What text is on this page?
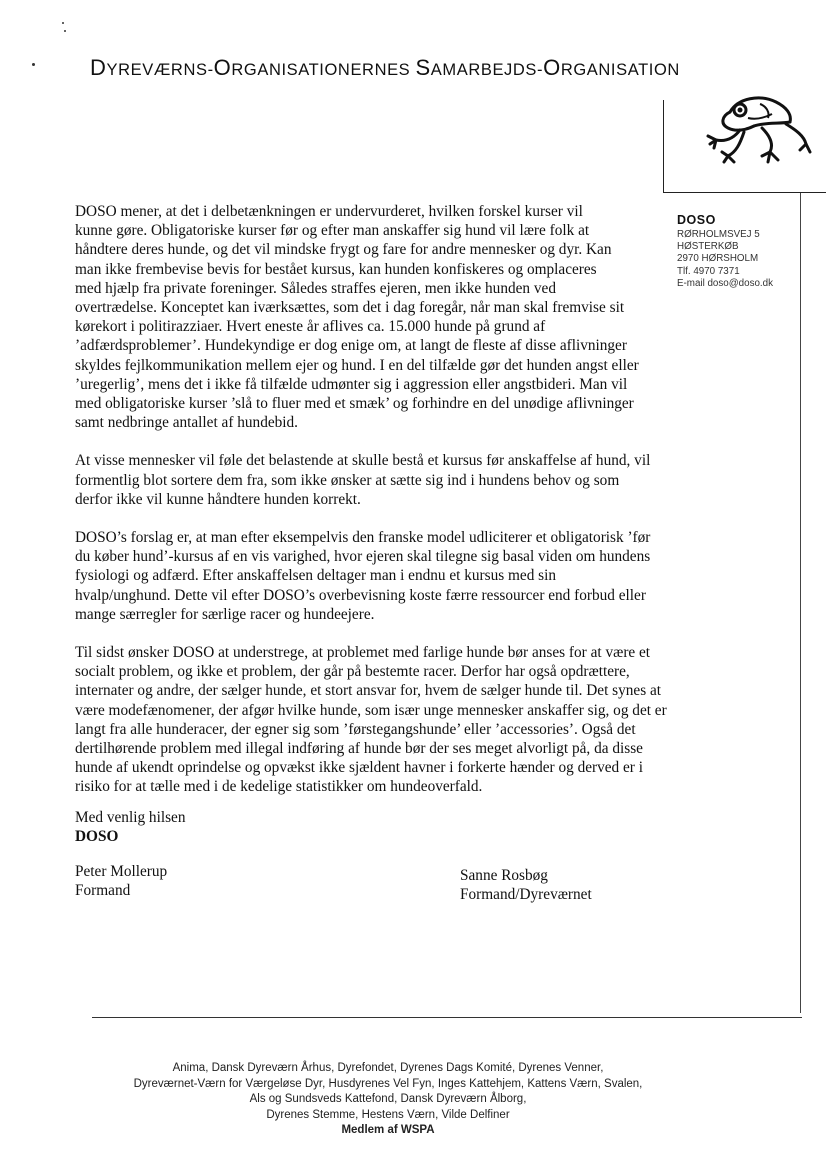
DYREVÆRNS-ORGANISATIONERNES SAMARBEJDS-ORGANISATION
DOSO
RØRHOLMSVEJ 5
HØSTERKØB
2970 HØRSHOLM
Tlf. 4970 7371
E-mail doso@doso.dk

DOSO mener, at det i delbetænkningen er undervurderet, hvilken forskel kurser vil
kunne gøre. Obligatoriske kurser før og efter man anskaffer sig hund vil lære folk at
håndtere deres hunde, og det vil mindske frygt og fare for andre mennesker og dyr. Kan
man ikke frembevise bevis for bestået kursus, kan hunden konfiskeres og omplaceres
med hjælp fra private foreninger. Således straffes ejeren, men ikke hunden ved
overtrædelse. Konceptet kan iværksættes, som det i dag foregår, når man skal fremvise sit
kørekort i politirazziaer. Hvert eneste år aflives ca. 15.000 hunde på grund af
’adfærdsproblemer’. Hundekyndige er dog enige om, at langt de fleste af disse aflivninger
skyldes fejlkommunikation mellem ejer og hund. I en del tilfælde gør det hunden angst eller
’uregerlig’, mens det i ikke få tilfælde udmønter sig i aggression eller angstbideri. Man vil
med obligatoriske kurser ’slå to fluer med et smæk’ og forhindre en del unødige aflivninger
samt nedbringe antallet af hundebid.

At visse mennesker vil føle det belastende at skulle bestå et kursus før anskaffelse af hund, vil
formentlig blot sortere dem fra, som ikke ønsker at sætte sig ind i hundens behov og som
derfor ikke vil kunne håndtere hunden korrekt.

DOSO’s forslag er, at man efter eksempelvis den franske model udliciterer et obligatorisk ’før
du køber hund’-kursus af en vis varighed, hvor ejeren skal tilegne sig basal viden om hundens
fysiologi og adfærd. Efter anskaffelsen deltager man i endnu et kursus med sin
hvalp/unghund. Dette vil efter DOSO’s overbevisning koste færre ressourcer end forbud eller
mange særregler for særlige racer og hundeejere.

Til sidst ønsker DOSO at understrege, at problemet med farlige hunde bør anses for at være et
socialt problem, og ikke et problem, der går på bestemte racer. Derfor har også opdrættere,
internater og andre, der sælger hunde, et stort ansvar for, hvem de sælger hunde til. Det synes at
være modefænomener, der afgør hvilke hunde, som især unge mennesker anskaffer sig, og det er
langt fra alle hunderacer, der egner sig som ’førstegangshunde’ eller ’accessories’. Også det
dertilhørende problem med illegal indføring af hunde bør der ses meget alvorligt på, da disse
hunde af ukendt oprindelse og opvækst ikke sjældent havner i forkerte hænder og derved er i
risiko for at tælle med i de kedelige statistikker om hundeoverfald.

Med venlig hilsen
DOSO
Peter Mollerup
Formand
Sanne Rosbøg
Formand/Dyreværnet
Anima, Dansk Dyreværn Århus, Dyrefondet, Dyrenes Dags Komité, Dyrenes Venner,
Dyreværnet-Værn for Værgeløse Dyr, Husdyrenes Vel Fyn, Inges Kattehjem, Kattens Værn, Svalen,
Als og Sundsveds Kattefond, Dansk Dyreværn Ålborg,
Dyrenes Stemme, Hestens Værn, Vilde Delfiner
Medlem af WSPA
